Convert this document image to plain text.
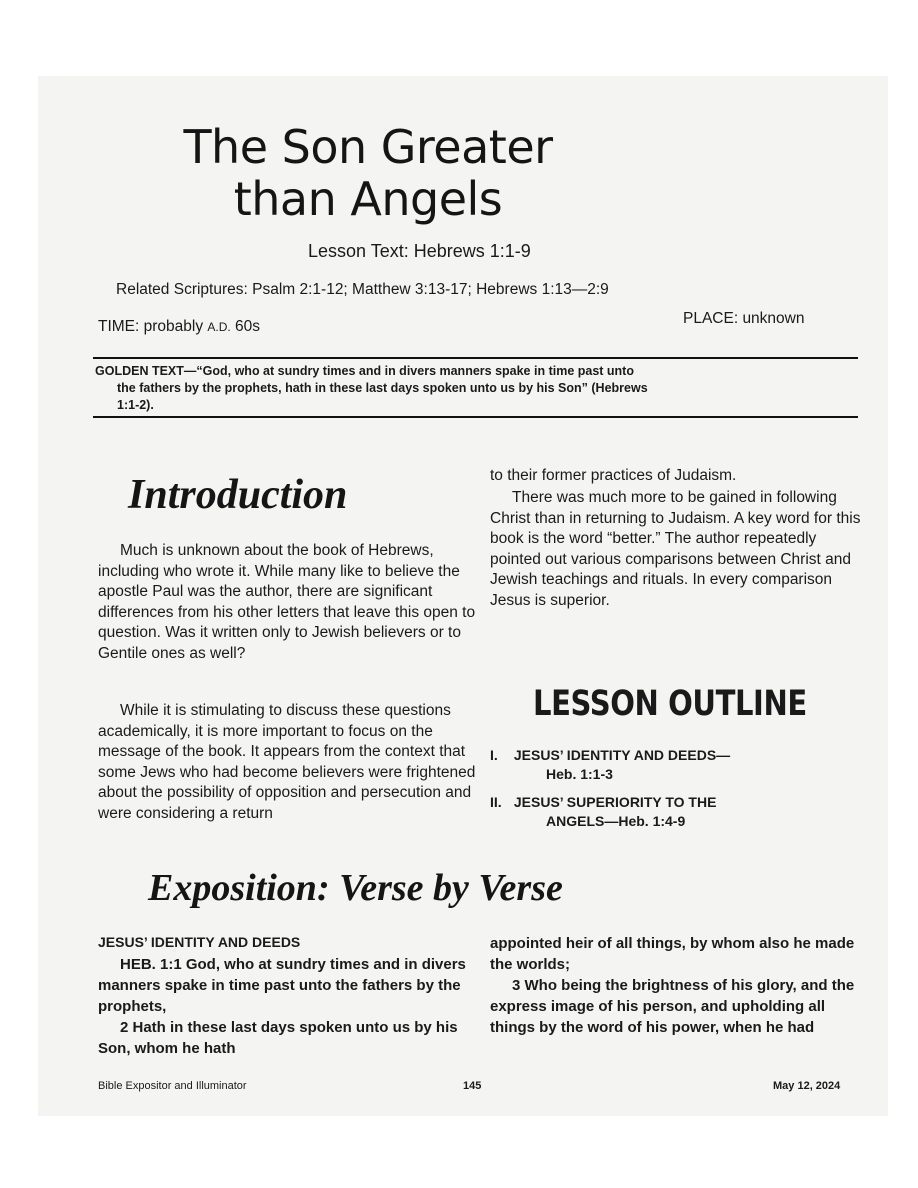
The Son Greater
than Angels
Lesson Text: Hebrews 1:1-9
Related Scriptures: Psalm 2:1-12; Matthew 3:13-17; Hebrews 1:13—2:9
TIME: probably A.D. 60s	PLACE: unknown
GOLDEN TEXT—“God, who at sundry times and in divers manners spake in time past unto
the fathers by the prophets, hath in these last days spoken unto us by his Son” (Hebrews
1:1-2).
Introduction
Much is unknown about the book of Hebrews, including who wrote it. While many like to believe the apostle Paul was the author, there are significant differences from his other letters that leave this open to question. Was it written only to Jewish believers or to Gentile ones as well?
While it is stimulating to discuss these questions academically, it is more important to focus on the message of the book. It appears from the context that some Jews who had become believers were frightened about the possibility of opposition and persecution and were considering a return
to their former practices of Judaism.
There was much more to be gained in following Christ than in returning to Judaism. A key word for this book is the word “better.” The author repeatedly pointed out various comparisons between Christ and Jewish teachings and rituals. In every comparison Jesus is superior.
LESSON OUTLINE
I. JESUS’ IDENTITY AND DEEDS—
Heb. 1:1-3
II. JESUS’ SUPERIORITY TO THE
ANGELS—Heb. 1:4-9
Exposition: Verse by Verse
JESUS’ IDENTITY AND DEEDS
HEB. 1:1 God, who at sundry times and in divers manners spake in time past unto the fathers by the prophets,
2 Hath in these last days spoken unto us by his Son, whom he hath
appointed heir of all things, by whom also he made the worlds;
3 Who being the brightness of his glory, and the express image of his person, and upholding all things by the word of his power, when he had
Bible Expositor and Illuminator	145	May 12, 2024
